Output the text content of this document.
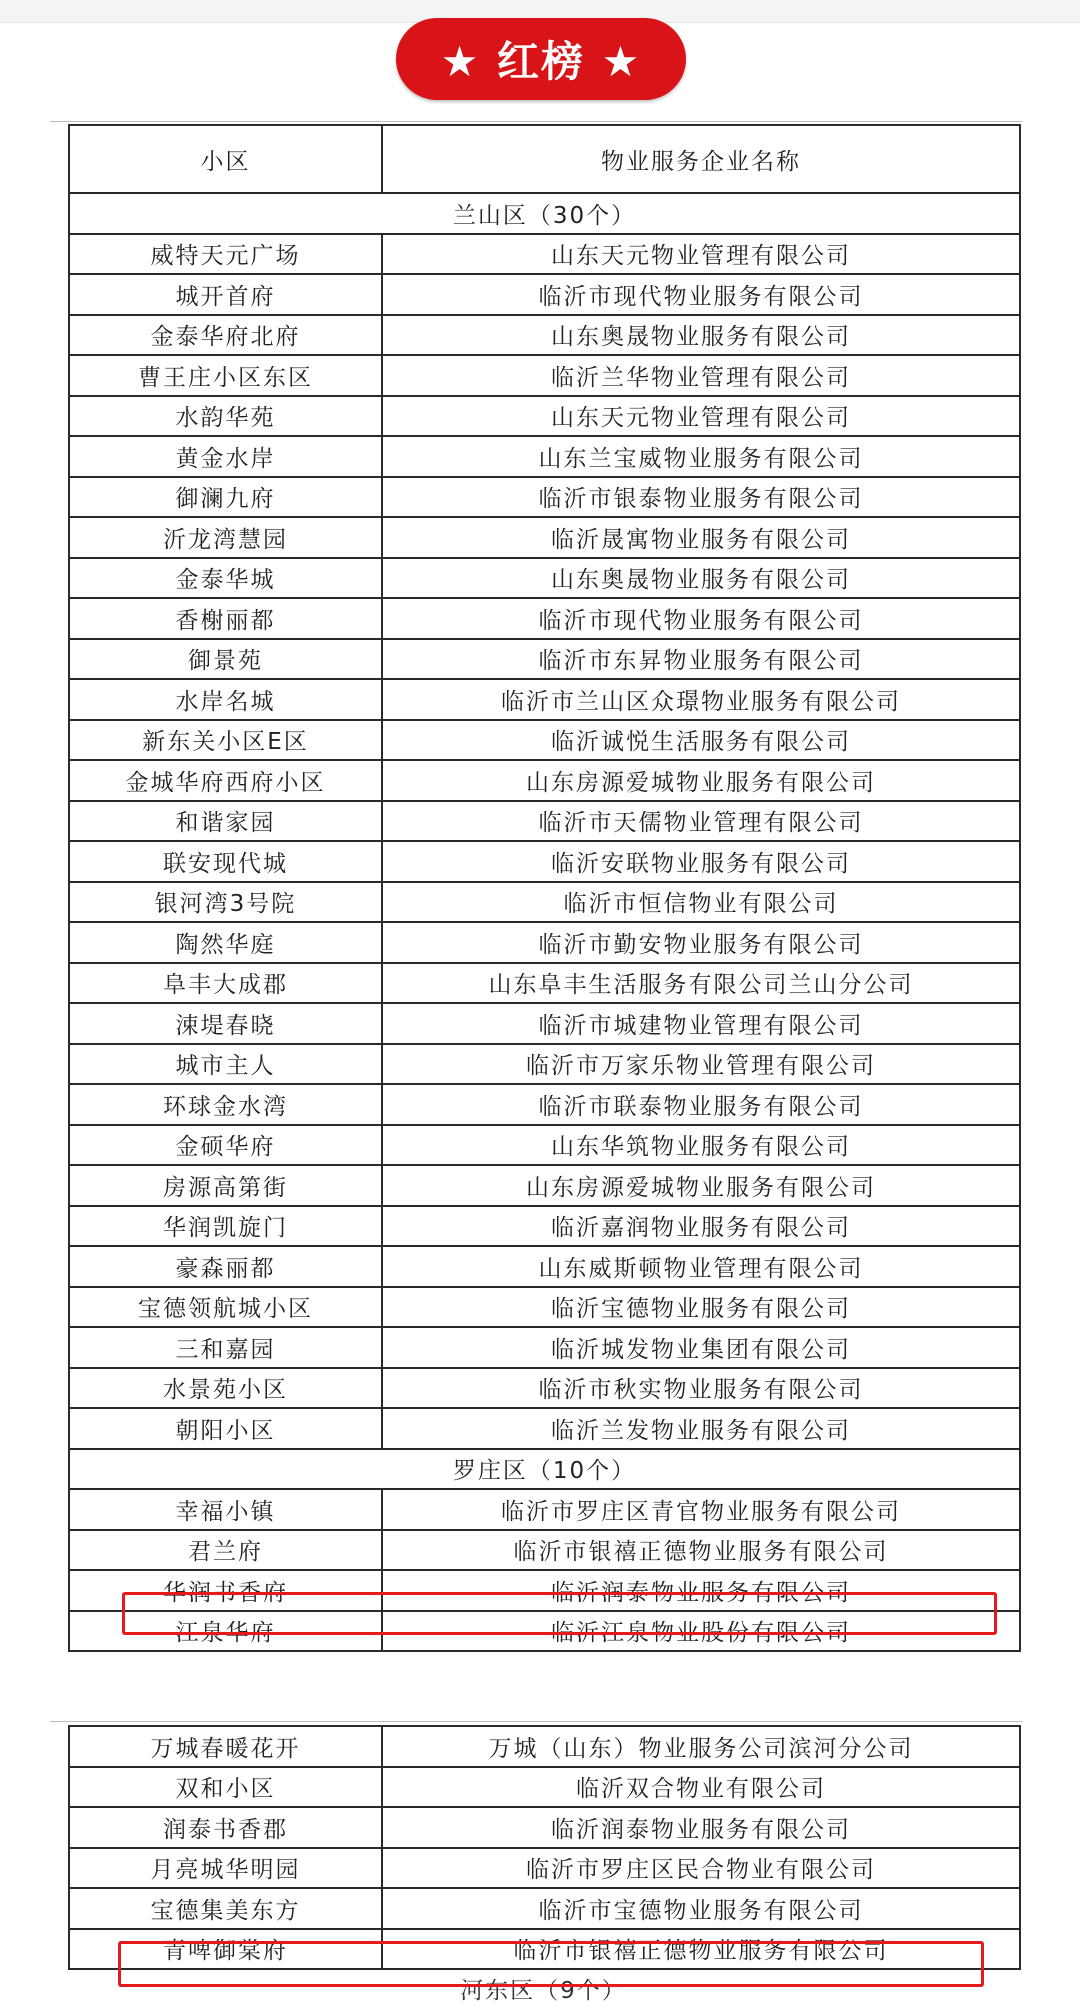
★ 红榜 ★
小区	物业服务企业名称
兰山区（30个）	
威特天元广场	山东天元物业管理有限公司
城开首府	临沂市现代物业服务有限公司
金泰华府北府	山东奥晟物业服务有限公司
曹王庄小区东区	临沂兰华物业管理有限公司
水韵华苑	山东天元物业管理有限公司
黄金水岸	山东兰宝威物业服务有限公司
御澜九府	临沂市银泰物业服务有限公司
沂龙湾慧园	临沂晟寓物业服务有限公司
金泰华城	山东奥晟物业服务有限公司
香榭丽都	临沂市现代物业服务有限公司
御景苑	临沂市东昇物业服务有限公司
水岸名城	临沂市兰山区众璟物业服务有限公司
新东关小区E区	临沂诚悦生活服务有限公司
金城华府西府小区	山东房源爱城物业服务有限公司
和谐家园	临沂市天儒物业管理有限公司
联安现代城	临沂安联物业服务有限公司
银河湾3号院	临沂市恒信物业有限公司
陶然华庭	临沂市勤安物业服务有限公司
阜丰大成郡	山东阜丰生活服务有限公司兰山分公司
涑堤春晓	临沂市城建物业管理有限公司
城市主人	临沂市万家乐物业管理有限公司
环球金水湾	临沂市联泰物业服务有限公司
金硕华府	山东华筑物业服务有限公司
房源高第街	山东房源爱城物业服务有限公司
华润凯旋门	临沂嘉润物业服务有限公司
豪森丽都	山东威斯顿物业管理有限公司
宝德领航城小区	临沂宝德物业服务有限公司
三和嘉园	临沂城发物业集团有限公司
水景苑小区	临沂市秋实物业服务有限公司
朝阳小区	临沂兰发物业服务有限公司
罗庄区（10个）	
幸福小镇	临沂市罗庄区青官物业服务有限公司
君兰府	临沂市银禧正德物业服务有限公司
华润书香府	临沂润泰物业服务有限公司
江泉华府	临沂江泉物业股份有限公司
万城春暖花开	万城（山东）物业服务公司滨河分公司
双和小区	临沂双合物业有限公司
润泰书香郡	临沂润泰物业服务有限公司
月亮城华明园	临沂市罗庄区民合物业有限公司
宝德集美东方	临沂市宝德物业服务有限公司
青啤御棠府	临沂市银禧正德物业服务有限公司
河东区（9个）
